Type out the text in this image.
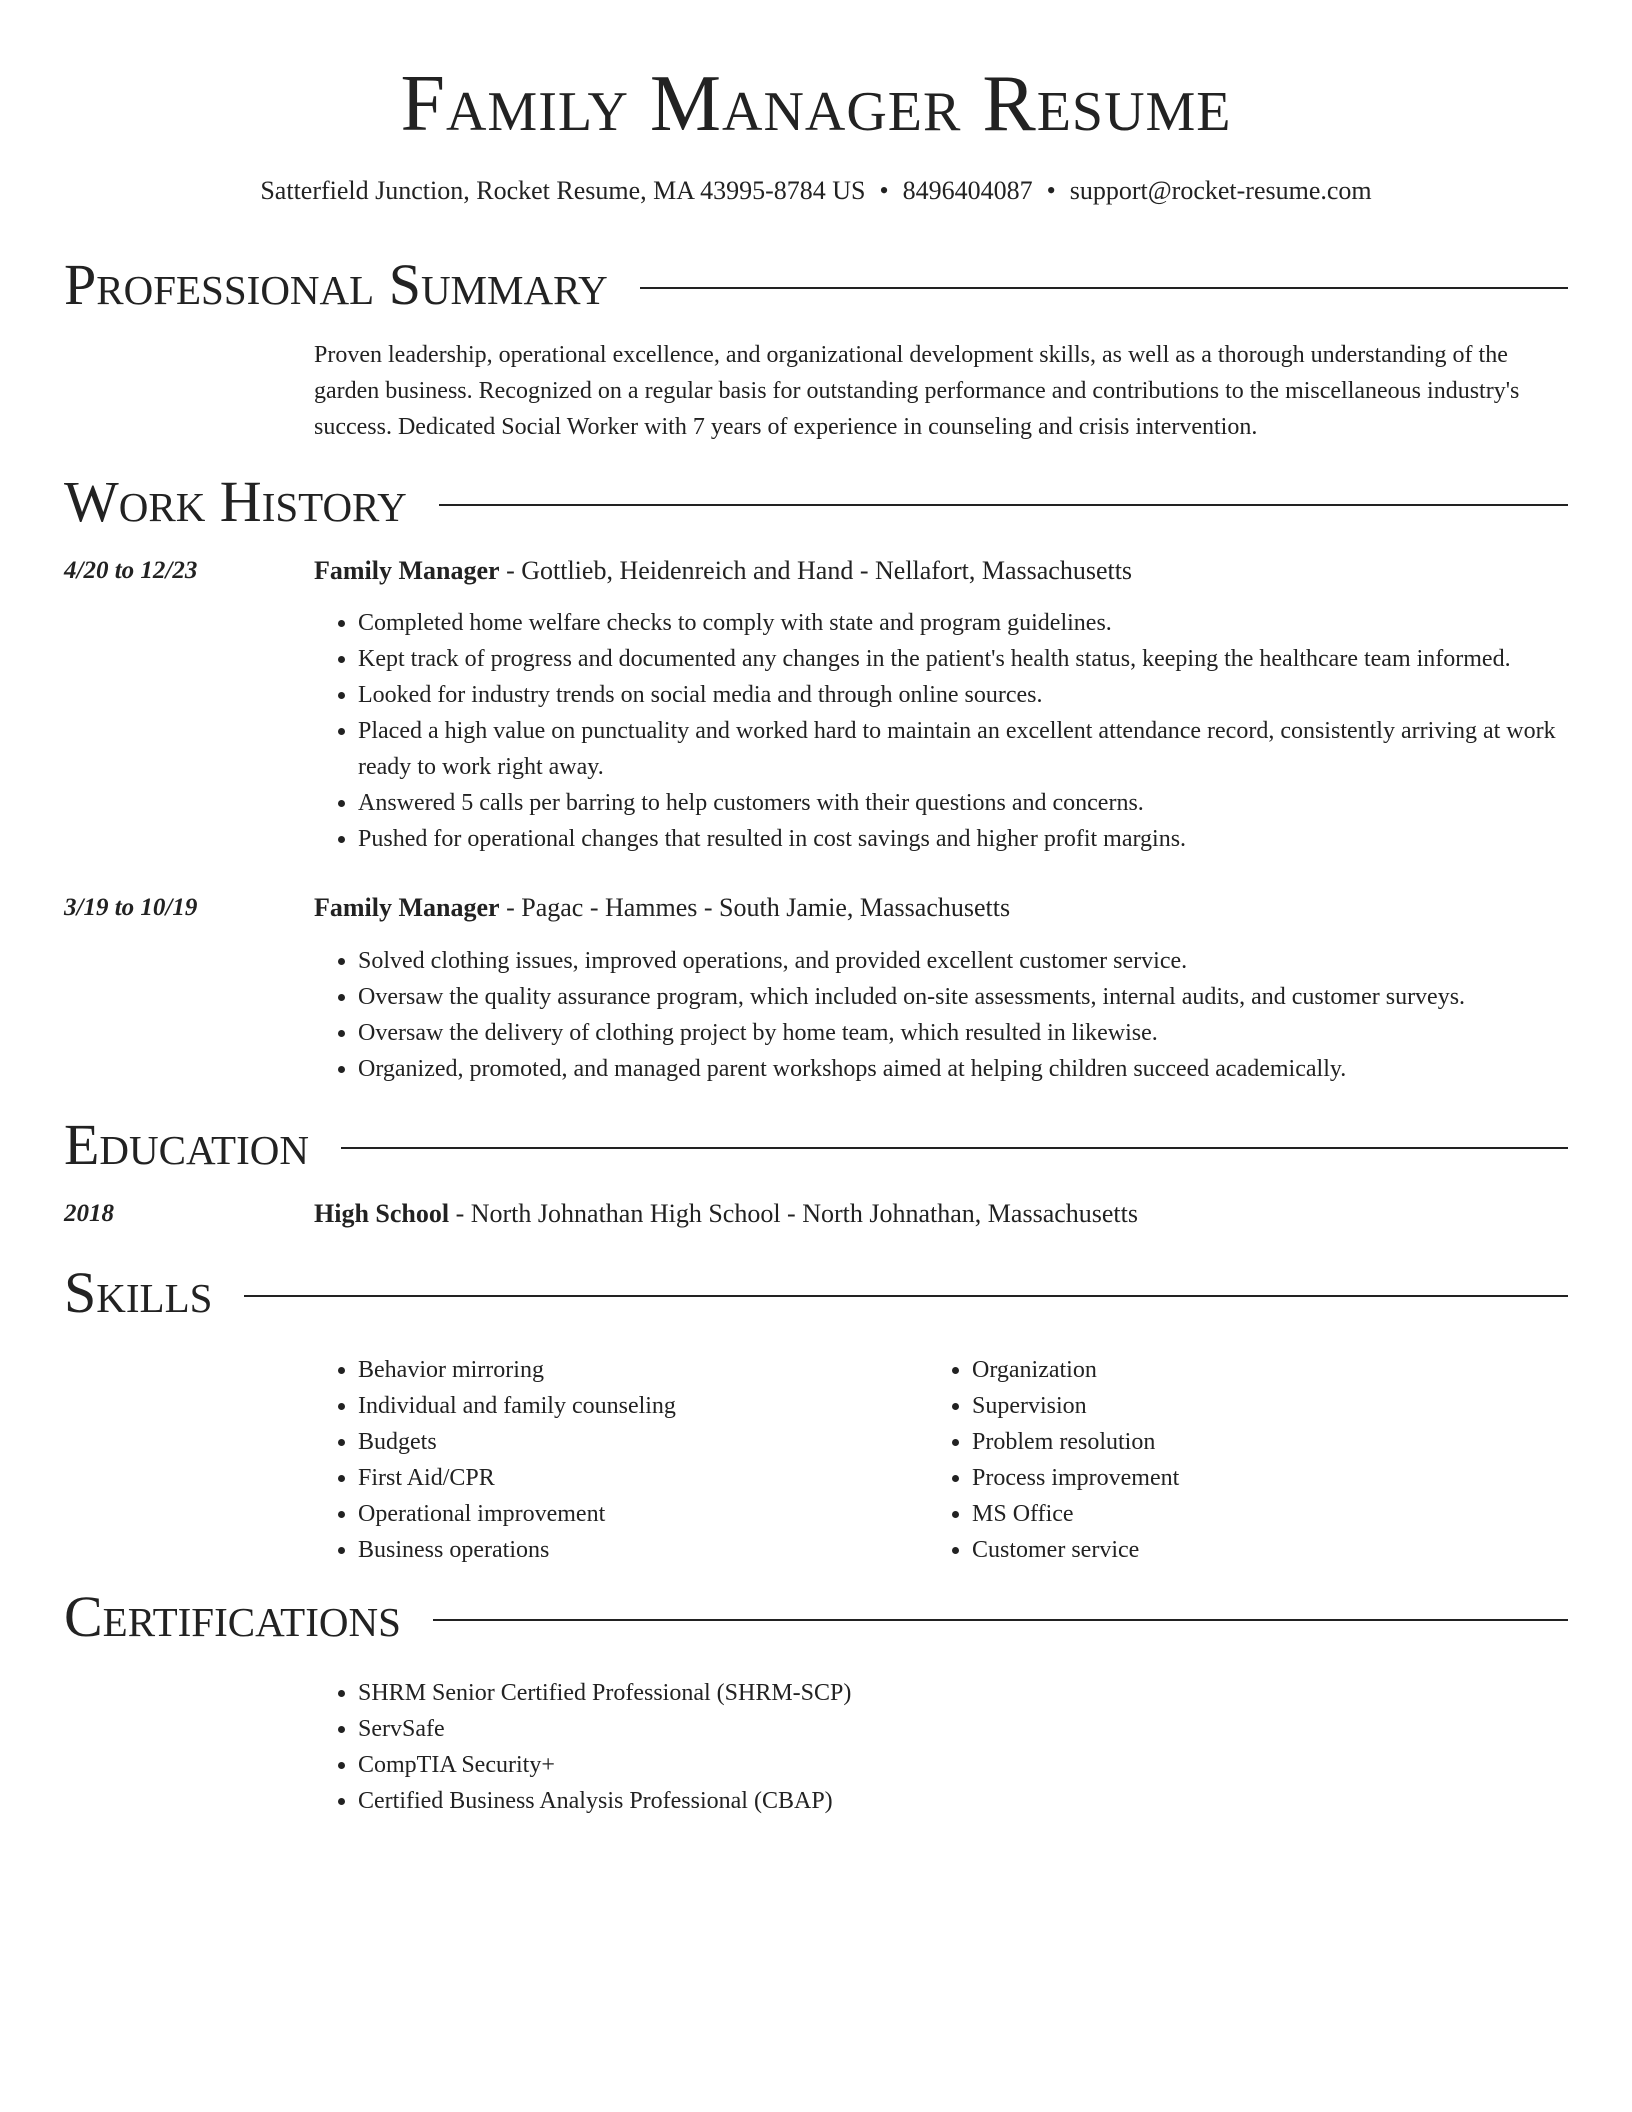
Family Manager Resume
Satterfield Junction, Rocket Resume, MA 43995-8784 US • 8496404087 • support@rocket-resume.com
Professional Summary
Proven leadership, operational excellence, and organizational development skills, as well as a thorough understanding of the garden business. Recognized on a regular basis for outstanding performance and contributions to the miscellaneous industry's success. Dedicated Social Worker with 7 years of experience in counseling and crisis intervention.
Work History
4/20 to 12/23	Family Manager - Gottlieb, Heidenreich and Hand - Nellafort, Massachusetts
• Completed home welfare checks to comply with state and program guidelines.
• Kept track of progress and documented any changes in the patient's health status, keeping the healthcare team informed.
• Looked for industry trends on social media and through online sources.
• Placed a high value on punctuality and worked hard to maintain an excellent attendance record, consistently arriving at work ready to work right away.
• Answered 5 calls per barring to help customers with their questions and concerns.
• Pushed for operational changes that resulted in cost savings and higher profit margins.
3/19 to 10/19	Family Manager - Pagac - Hammes - South Jamie, Massachusetts
• Solved clothing issues, improved operations, and provided excellent customer service.
• Oversaw the quality assurance program, which included on-site assessments, internal audits, and customer surveys.
• Oversaw the delivery of clothing project by home team, which resulted in likewise.
• Organized, promoted, and managed parent workshops aimed at helping children succeed academically.
Education
2018	High School - North Johnathan High School - North Johnathan, Massachusetts
Skills
• Behavior mirroring
• Individual and family counseling
• Budgets
• First Aid/CPR
• Operational improvement
• Business operations
• Organization
• Supervision
• Problem resolution
• Process improvement
• MS Office
• Customer service
Certifications
• SHRM Senior Certified Professional (SHRM-SCP)
• ServSafe
• CompTIA Security+
• Certified Business Analysis Professional (CBAP)
